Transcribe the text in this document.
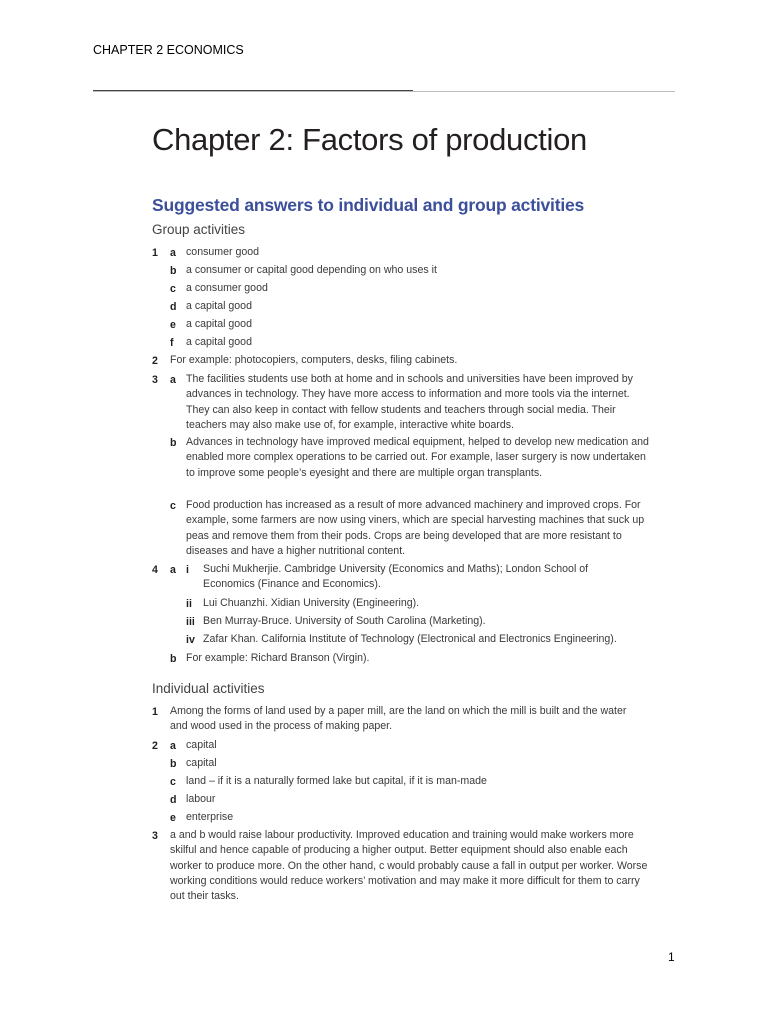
CHAPTER 2 ECONOMICS
Chapter 2: Factors of production
Suggested answers to individual and group activities
Group activities
1 a consumer good
b a consumer or capital good depending on who uses it
c a consumer good
d a capital good
e a capital good
f a capital good
2 For example: photocopiers, computers, desks, filing cabinets.
3 a The facilities students use both at home and in schools and universities have been improved by advances in technology. They have more access to information and more tools via the internet. They can also keep in contact with fellow students and teachers through social media. Their teachers may also make use of, for example, interactive white boards.
b Advances in technology have improved medical equipment, helped to develop new medication and enabled more complex operations to be carried out. For example, laser surgery is now undertaken to improve some people’s eyesight and there are multiple organ transplants.
c Food production has increased as a result of more advanced machinery and improved crops. For example, some farmers are now using viners, which are special harvesting machines that suck up peas and remove them from their pods. Crops are being developed that are more resistant to diseases and have a higher nutritional content.
4 a i Suchi Mukherjie. Cambridge University (Economics and Maths); London School of Economics (Finance and Economics).
ii Lui Chuanzhi. Xidian University (Engineering).
iii Ben Murray-Bruce. University of South Carolina (Marketing).
iv Zafar Khan. California Institute of Technology (Electronical and Electronics Engineering).
b For example: Richard Branson (Virgin).
Individual activities
1 Among the forms of land used by a paper mill, are the land on which the mill is built and the water and wood used in the process of making paper.
2 a capital
b capital
c land – if it is a naturally formed lake but capital, if it is man-made
d labour
e enterprise
3 a and b would raise labour productivity. Improved education and training would make workers more skilful and hence capable of producing a higher output. Better equipment should also enable each worker to produce more. On the other hand, c would probably cause a fall in output per worker. Worse working conditions would reduce workers’ motivation and may make it more difficult for them to carry out their tasks.
1
